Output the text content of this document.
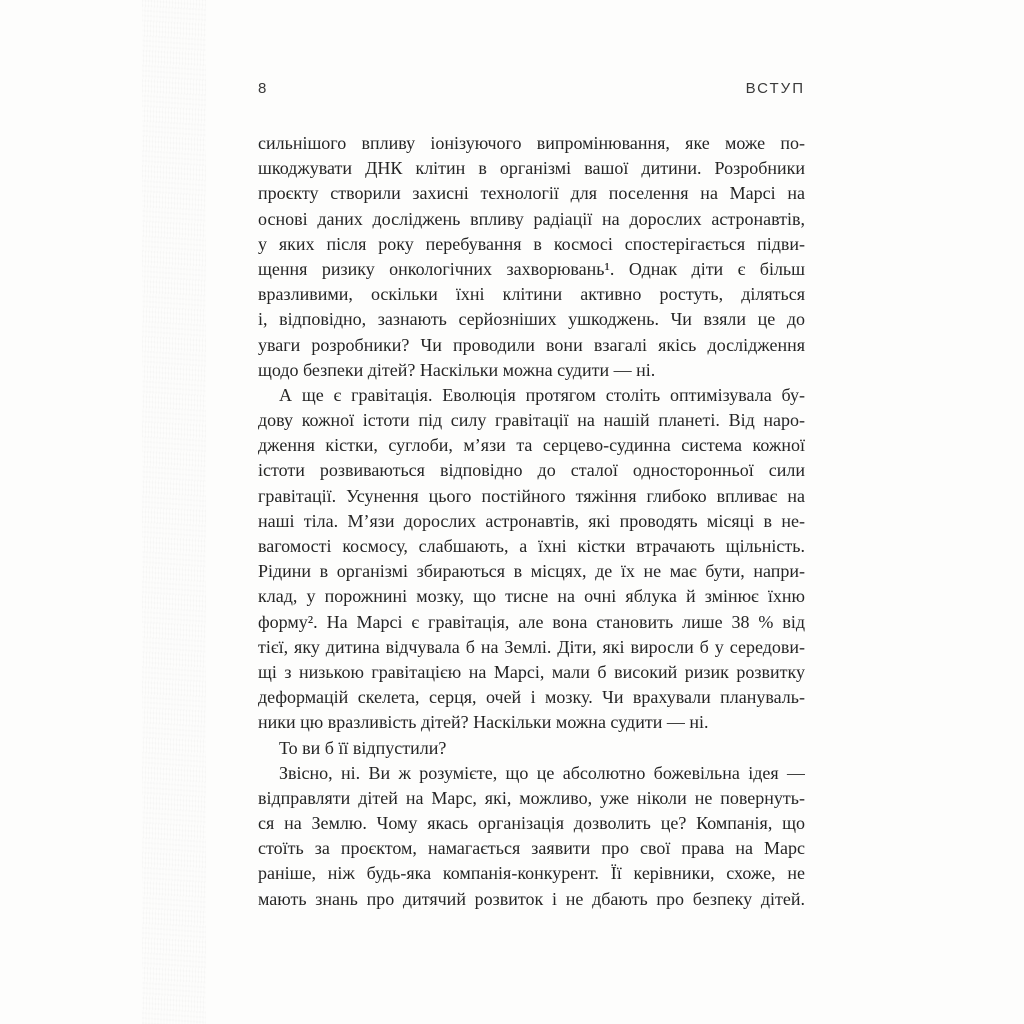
8	ВСТУП
сильнішого впливу іонізуючого випромінювання, яке може по-
шкоджувати ДНК клітин в організмі вашої дитини. Розробники
проєкту створили захисні технології для поселення на Марсі на
основі даних досліджень впливу радіації на дорослих астронавтів,
у яких після року перебування в космосі спостерігається підви-
щення ризику онкологічних захворювань¹. Однак діти є більш
вразливими, оскільки їхні клітини активно ростуть, діляться
і, відповідно, зазнають серйозніших ушкоджень. Чи взяли це до
уваги розробники? Чи проводили вони взагалі якісь дослідження
щодо безпеки дітей? Наскільки можна судити — ні.
А ще є гравітація. Еволюція протягом століть оптимізувала бу-
дову кожної істоти під силу гравітації на нашій планеті. Від наро-
дження кістки, суглоби, м’язи та серцево-судинна система кожної
істоти розвиваються відповідно до сталої односторонньої сили
гравітації. Усунення цього постійного тяжіння глибоко впливає на
наші тіла. М’язи дорослих астронавтів, які проводять місяці в не-
вагомості космосу, слабшають, а їхні кістки втрачають щільність.
Рідини в організмі збираються в місцях, де їх не має бути, напри-
клад, у порожнині мозку, що тисне на очні яблука й змінює їхню
форму². На Марсі є гравітація, але вона становить лише 38 % від
тієї, яку дитина відчувала б на Землі. Діти, які виросли б у середови-
щі з низькою гравітацією на Марсі, мали б високий ризик розвитку
деформацій скелета, серця, очей і мозку. Чи врахували плануваль-
ники цю вразливість дітей? Наскільки можна судити — ні.
То ви б її відпустили?
Звісно, ні. Ви ж розумієте, що це абсолютно божевільна ідея —
відправляти дітей на Марс, які, можливо, уже ніколи не повернуть-
ся на Землю. Чому якась організація дозволить це? Компанія, що
стоїть за проєктом, намагається заявити про свої права на Марс
раніше, ніж будь-яка компанія-конкурент. Її керівники, схоже, не
мають знань про дитячий розвиток і не дбають про безпеку дітей.
